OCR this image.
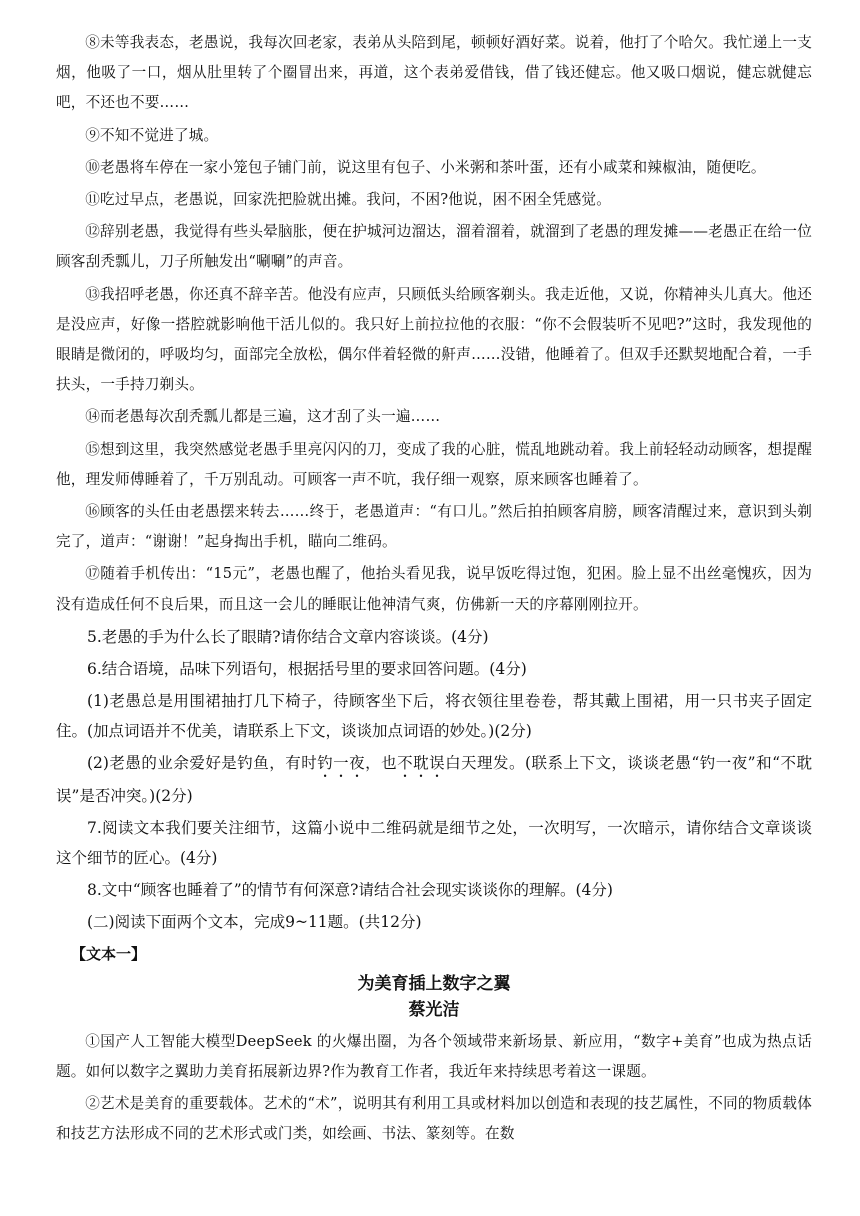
⑧未等我表态，老愚说，我每次回老家，表弟从头陪到尾，顿顿好酒好菜。说着，他打了个哈欠。我忙递上一支烟，他吸了一口，烟从肚里转了个圈冒出来，再道，这个表弟爱借钱，借了钱还健忘。他又吸口烟说，健忘就健忘吧，不还也不要……

⑨不知不觉进了城。

⑩老愚将车停在一家小笼包子铺门前，说这里有包子、小米粥和茶叶蛋，还有小咸菜和辣椒油，随便吃。

⑪吃过早点，老愚说，回家洗把脸就出摊。我问，不困?他说，困不困全凭感觉。

⑫辞别老愚，我觉得有些头晕脑胀，便在护城河边溜达，溜着溜着，就溜到了老愚的理发摊——老愚正在给一位顾客刮秃瓢儿，刀子所触发出“唰唰”的声音。

⑬我招呼老愚，你还真不辞辛苦。他没有应声，只顾低头给顾客剃头。我走近他，又说，你精神头儿真大。他还是没应声，好像一搭腔就影响他干活儿似的。我只好上前拉拉他的衣服：“你不会假装听不见吧?”这时，我发现他的眼睛是微闭的，呼吸均匀，面部完全放松，偶尔伴着轻微的鼾声……没错，他睡着了。但双手还默契地配合着，一手扶头，一手持刀剃头。

⑭而老愚每次刮秃瓢儿都是三遍，这才刮了头一遍……

⑮想到这里，我突然感觉老愚手里亮闪闪的刀，变成了我的心脏，慌乱地跳动着。我上前轻轻动动顾客，想提醒他，理发师傅睡着了，千万别乱动。可顾客一声不吭，我仔细一观察，原来顾客也睡着了。

⑯顾客的头任由老愚摆来转去……终于，老愚道声：“有口儿。”然后拍拍顾客肩膀，顾客清醒过来，意识到头剃完了，道声：“谢谢！”起身掏出手机，瞄向二维码。

⑰随着手机传出：“15元”，老愚也醒了，他抬头看见我，说早饭吃得过饱，犯困。脸上显不出丝毫愧疚，因为没有造成任何不良后果，而且这一会儿的睡眠让他神清气爽，仿佛新一天的序幕刚刚拉开。

5.老愚的手为什么长了眼睛?请你结合文章内容谈谈。(4分)

6.结合语境，品味下列语句，根据括号里的要求回答问题。(4分)

(1)老愚总是用围裙抽打几下椅子，待顾客坐下后，将衣领往里卷卷，帮其戴上围裙，用一只书夹子固定住。(加点词语并不优美，请联系上下文，谈谈加点词语的妙处。)(2分)

(2)老愚的业余爱好是钓鱼，有时钓一夜，也不耽误白天理发。(联系上下文，谈谈老愚“钓一夜”和“不耽误”是否冲突。)(2分)

7.阅读文本我们要关注细节，这篇小说中二维码就是细节之处，一次明写，一次暗示，请你结合文章谈谈这个细节的匠心。(4分)

8.文中“顾客也睡着了”的情节有何深意?请结合社会现实谈谈你的理解。(4分)

(二)阅读下面两个文本，完成9~11题。(共12分)

【文本一】

为美育插上数字之翼

蔡光洁

①国产人工智能大模型DeepSeek 的火爆出圈，为各个领域带来新场景、新应用，“数字+美育”也成为热点话题。如何以数字之翼助力美育拓展新边界?作为教育工作者，我近年来持续思考着这一课题。

②艺术是美育的重要载体。艺术的“术”，说明其有利用工具或材料加以创造和表现的技艺属性，不同的物质载体和技艺方法形成不同的艺术形式或门类，如绘画、书法、篆刻等。在数
